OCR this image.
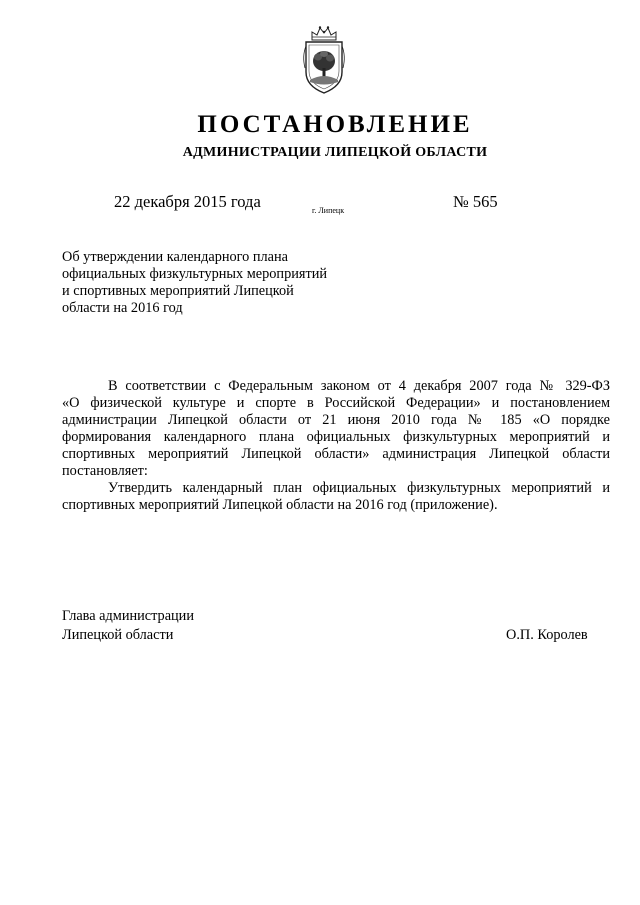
ПОСТАНОВЛЕНИЕ
АДМИНИСТРАЦИИ ЛИПЕЦКОЙ ОБЛАСТИ
22 декабря 2015 года	г. Липецк	№ 565
Об утверждении календарного плана
официальных физкультурных мероприятий
и спортивных мероприятий Липецкой
области на 2016 год
В соответствии с Федеральным законом от 4 декабря 2007 года № 329-ФЗ
«О физической культуре и спорте в Российской Федерации» и постановлением
администрации Липецкой области от 21 июня 2010 года № 185 «О порядке
формирования календарного плана официальных физкультурных мероприятий и
спортивных мероприятий Липецкой области» администрация Липецкой области
постановляет:
Утвердить календарный план официальных физкультурных мероприятий и
спортивных мероприятий Липецкой области на 2016 год (приложение).
Глава администрации
Липецкой области	О.П. Королев
